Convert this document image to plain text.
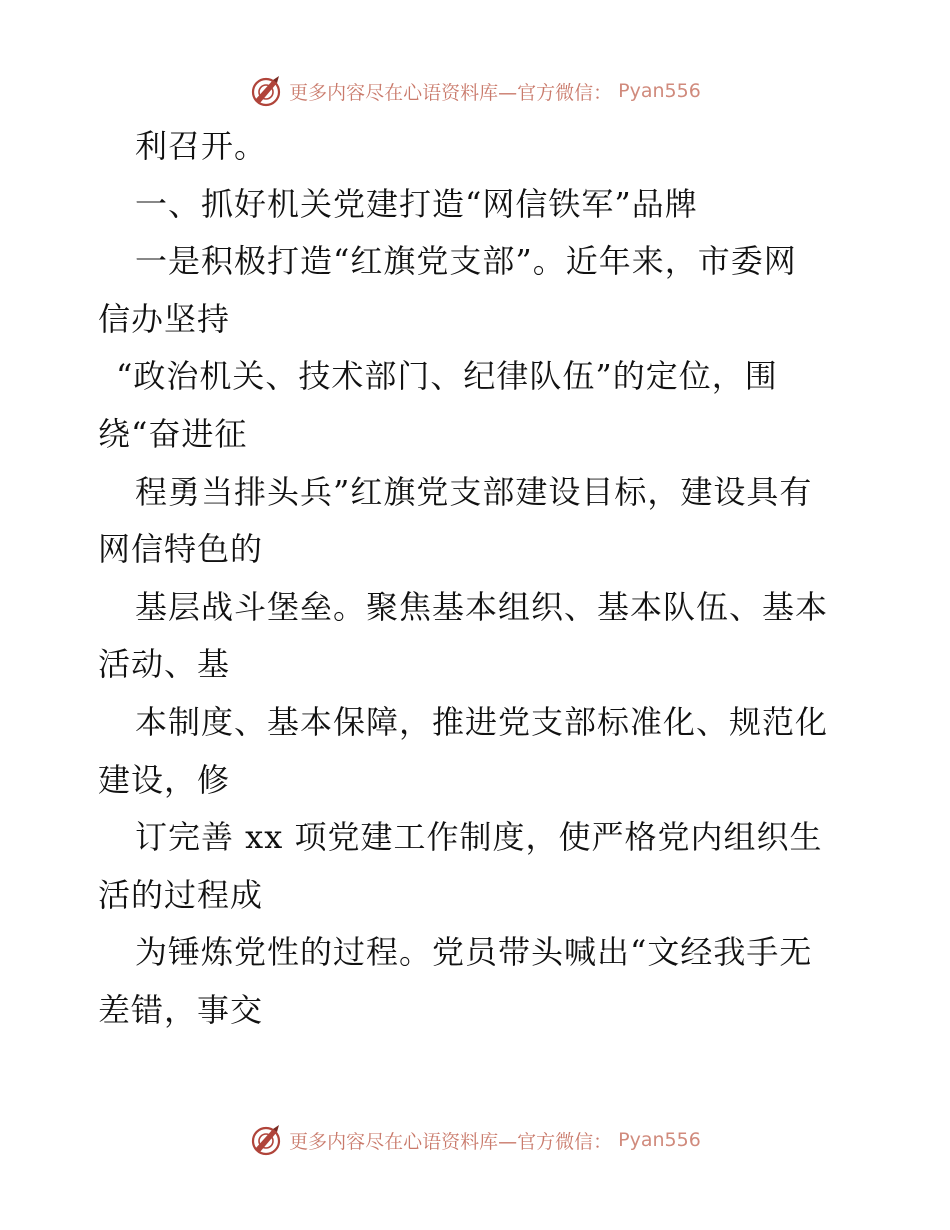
更多内容尽在心语资料库—官方微信： Pyan556
利召开。
一、抓好机关党建打造“网信铁军”品牌
一是积极打造“红旗党支部”。近年来，市委网
信办坚持
“政治机关、技术部门、纪律队伍”的定位，围
绕“奋进征
程勇当排头兵”红旗党支部建设目标，建设具有
网信特色的
基层战斗堡垒。聚焦基本组织、基本队伍、基本
活动、基
本制度、基本保障，推进党支部标准化、规范化
建设，修
订完善 xx 项党建工作制度，使严格党内组织生
活的过程成
为锤炼党性的过程。党员带头喊出“文经我手无
差错，事交
更多内容尽在心语资料库—官方微信： Pyan556
